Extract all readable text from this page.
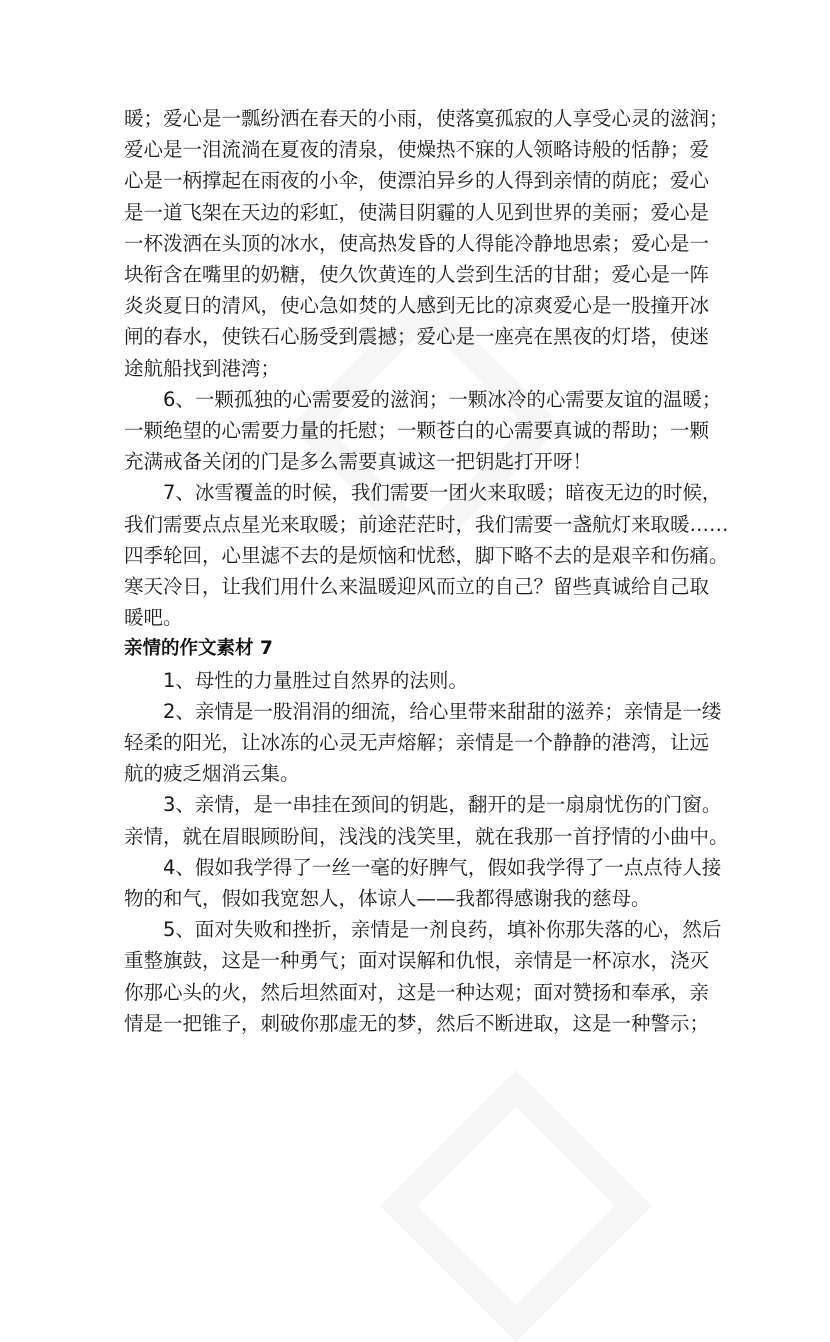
暖；爱心是一瓢纷洒在春天的小雨，使落寞孤寂的人享受心灵的滋润；
爱心是一泪流淌在夏夜的清泉，使燥热不寐的人领略诗般的恬静；爱
心是一柄撑起在雨夜的小伞，使漂泊异乡的人得到亲情的荫庇；爱心
是一道飞架在天边的彩虹，使满目阴霾的人见到世界的美丽；爱心是
一杯泼洒在头顶的冰水，使高热发昏的人得能冷静地思索；爱心是一
块衔含在嘴里的奶糖，使久饮黄连的人尝到生活的甘甜；爱心是一阵
炎炎夏日的清风，使心急如焚的人感到无比的凉爽爱心是一股撞开冰
闸的春水，使铁石心肠受到震撼；爱心是一座亮在黑夜的灯塔，使迷
途航船找到港湾；
6、一颗孤独的心需要爱的滋润；一颗冰冷的心需要友谊的温暖；
一颗绝望的心需要力量的托慰；一颗苍白的心需要真诚的帮助；一颗
充满戒备关闭的门是多么需要真诚这一把钥匙打开呀！
7、冰雪覆盖的时候，我们需要一团火来取暖；暗夜无边的时候，
我们需要点点星光来取暖；前途茫茫时，我们需要一盏航灯来取暖……
四季轮回，心里滤不去的是烦恼和忧愁，脚下略不去的是艰辛和伤痛。
寒天冷日，让我们用什么来温暖迎风而立的自己？留些真诚给自己取
暖吧。
亲情的作文素材 7
1、母性的力量胜过自然界的法则。
2、亲情是一股涓涓的细流，给心里带来甜甜的滋养；亲情是一缕
轻柔的阳光，让冰冻的心灵无声熔解；亲情是一个静静的港湾，让远
航的疲乏烟消云集。
3、亲情，是一串挂在颈间的钥匙，翻开的是一扇扇忧伤的门窗。
亲情，就在眉眼顾盼间，浅浅的浅笑里，就在我那一首抒情的小曲中。
4、假如我学得了一丝一毫的好脾气，假如我学得了一点点待人接
物的和气，假如我宽恕人，体谅人——我都得感谢我的慈母。
5、面对失败和挫折，亲情是一剂良药，填补你那失落的心，然后
重整旗鼓，这是一种勇气；面对误解和仇恨，亲情是一杯凉水，浇灭
你那心头的火，然后坦然面对，这是一种达观；面对赞扬和奉承，亲
情是一把锥子，刺破你那虚无的梦，然后不断进取，这是一种警示；
